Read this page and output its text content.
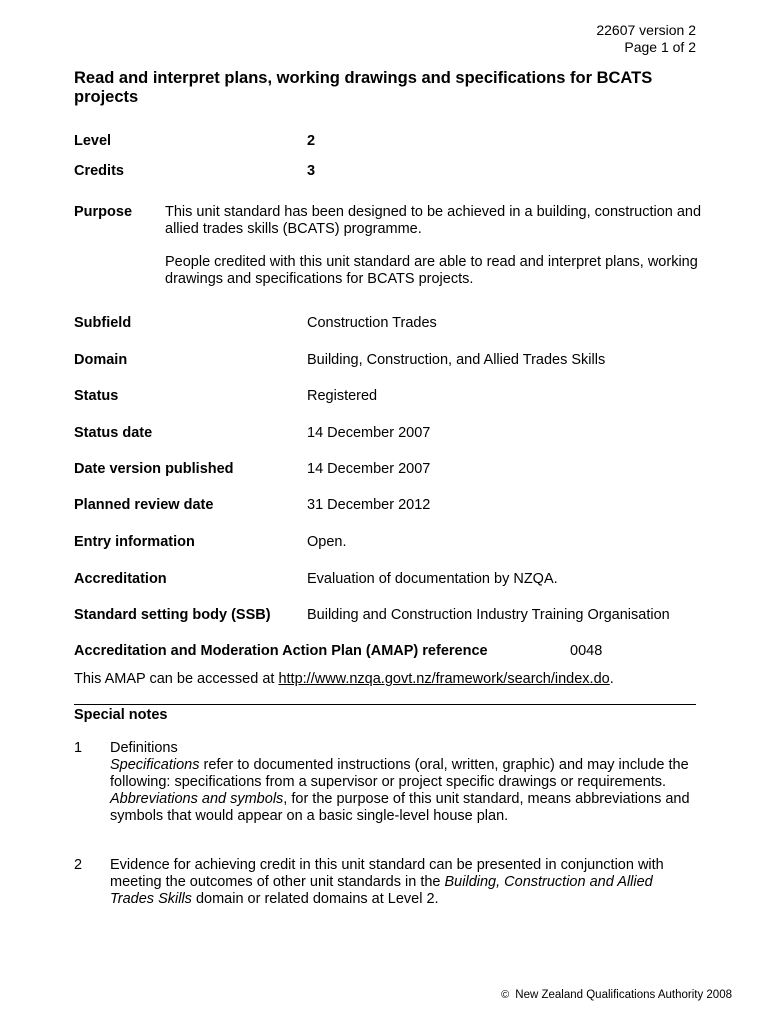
22607 version 2
Page 1 of 2
Read and interpret plans, working drawings and specifications for BCATS projects
Level	2
Credits	3
Purpose This unit standard has been designed to be achieved in a building, construction and allied trades skills (BCATS) programme.

People credited with this unit standard are able to read and interpret plans, working drawings and specifications for BCATS projects.

Subfield	Construction Trades
Domain	Building, Construction, and Allied Trades Skills
Status	Registered
Status date	14 December 2007
Date version published	14 December 2007
Planned review date	31 December 2012
Entry information	Open.
Accreditation	Evaluation of documentation by NZQA.
Standard setting body (SSB)	Building and Construction Industry Training Organisation
Accreditation and Moderation Action Plan (AMAP) reference	0048
This AMAP can be accessed at http://www.nzqa.govt.nz/framework/search/index.do.
Special notes
1 Definitions

Specifications refer to documented instructions (oral, written, graphic) and may include the following: specifications from a supervisor or project specific drawings or requirements.

Abbreviations and symbols, for the purpose of this unit standard, means abbreviations and symbols that would appear on a basic single-level house plan.

2 Evidence for achieving credit in this unit standard can be presented in conjunction with meeting the outcomes of other unit standards in the Building, Construction and Allied Trades Skills domain or related domains at Level 2.

© New Zealand Qualifications Authority 2008
